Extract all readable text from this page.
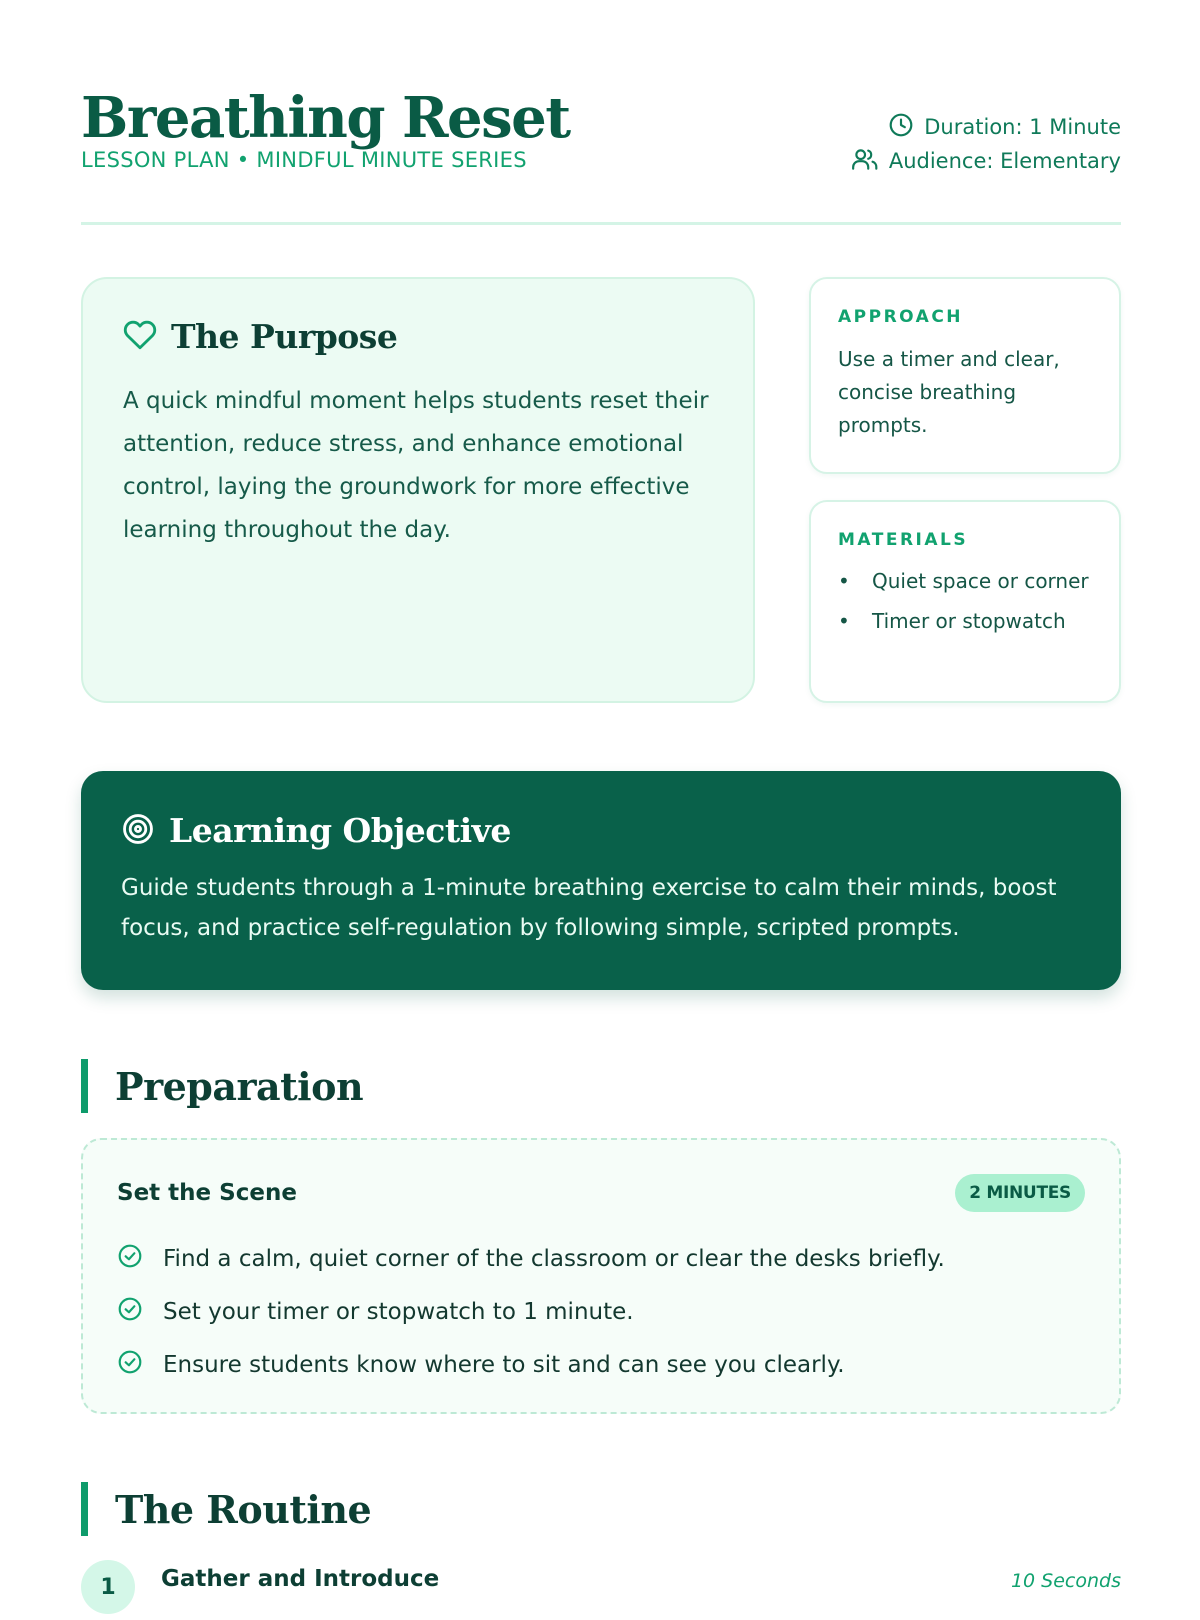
Breathing Reset
LESSON PLAN • MINDFUL MINUTE SERIES
Duration: 1 Minute
Audience: Elementary
The Purpose
A quick mindful moment helps students reset their attention, reduce stress, and enhance emotional control, laying the groundwork for more effective learning throughout the day.
APPROACH
Use a timer and clear, concise breathing prompts.
MATERIALS
• Quiet space or corner
• Timer or stopwatch
Learning Objective
Guide students through a 1-minute breathing exercise to calm their minds, boost focus, and practice self-regulation by following simple, scripted prompts.
Preparation
Set the Scene	2 MINUTES
Find a calm, quiet corner of the classroom or clear the desks briefly.
Set your timer or stopwatch to 1 minute.
Ensure students know where to sit and can see you clearly.
The Routine
1	Gather and Introduce	10 Seconds
